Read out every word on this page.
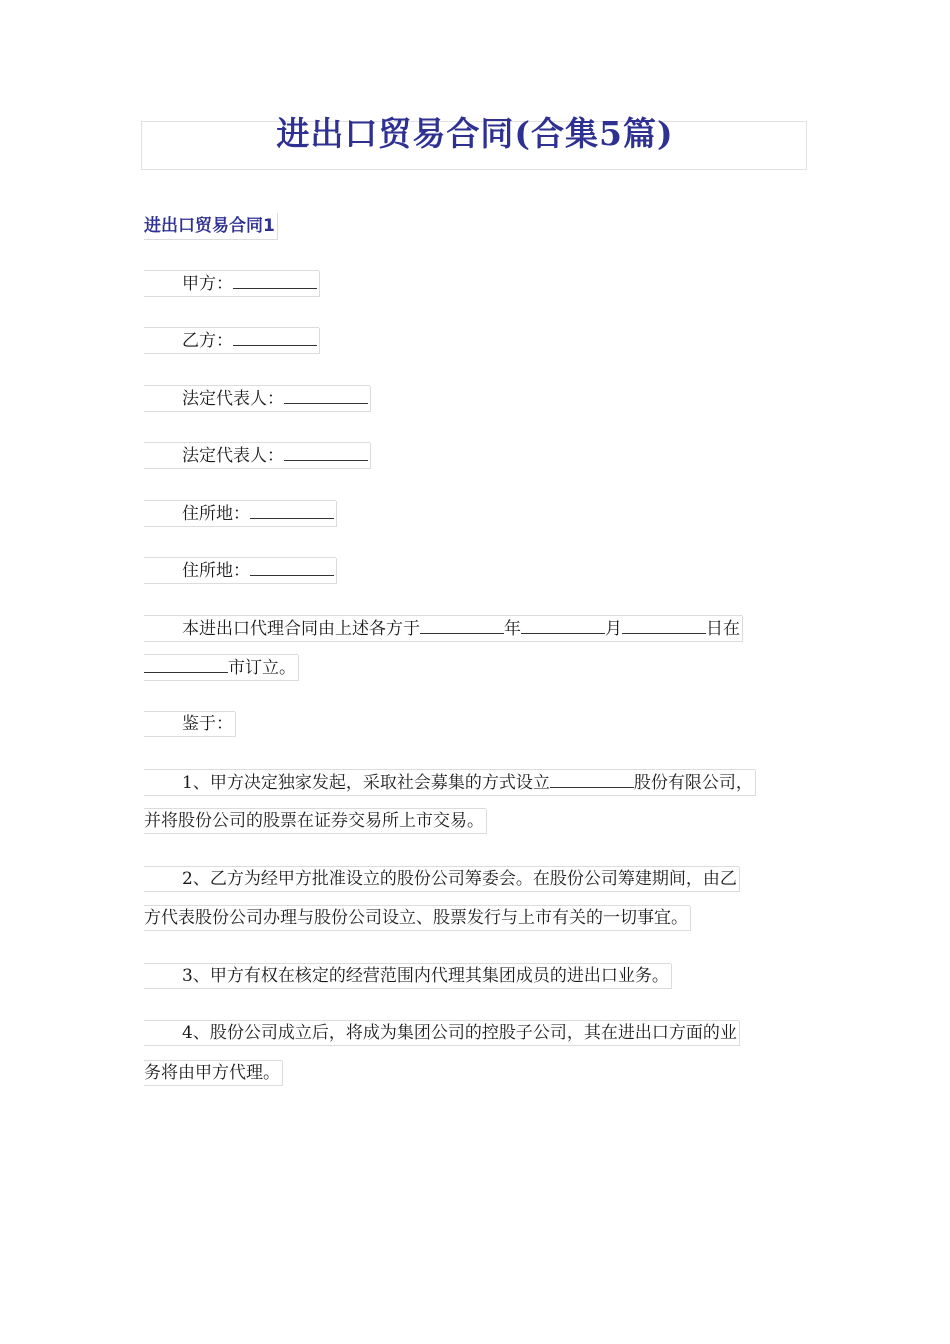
进出口贸易合同(合集5篇)
进出口贸易合同1
甲方：
乙方：
法定代表人：
法定代表人：
住所地：
住所地：
本进出口代理合同由上述各方于	年	月	日在
市订立。
鉴于：
1、甲方决定独家发起，采取社会募集的方式设立	股份有限公司，
并将股份公司的股票在证券交易所上市交易。
2、乙方为经甲方批准设立的股份公司筹委会。在股份公司筹建期间，由乙
方代表股份公司办理与股份公司设立、股票发行与上市有关的一切事宜。
3、甲方有权在核定的经营范围内代理其集团成员的进出口业务。
4、股份公司成立后，将成为集团公司的控股子公司，其在进出口方面的业
务将由甲方代理。
